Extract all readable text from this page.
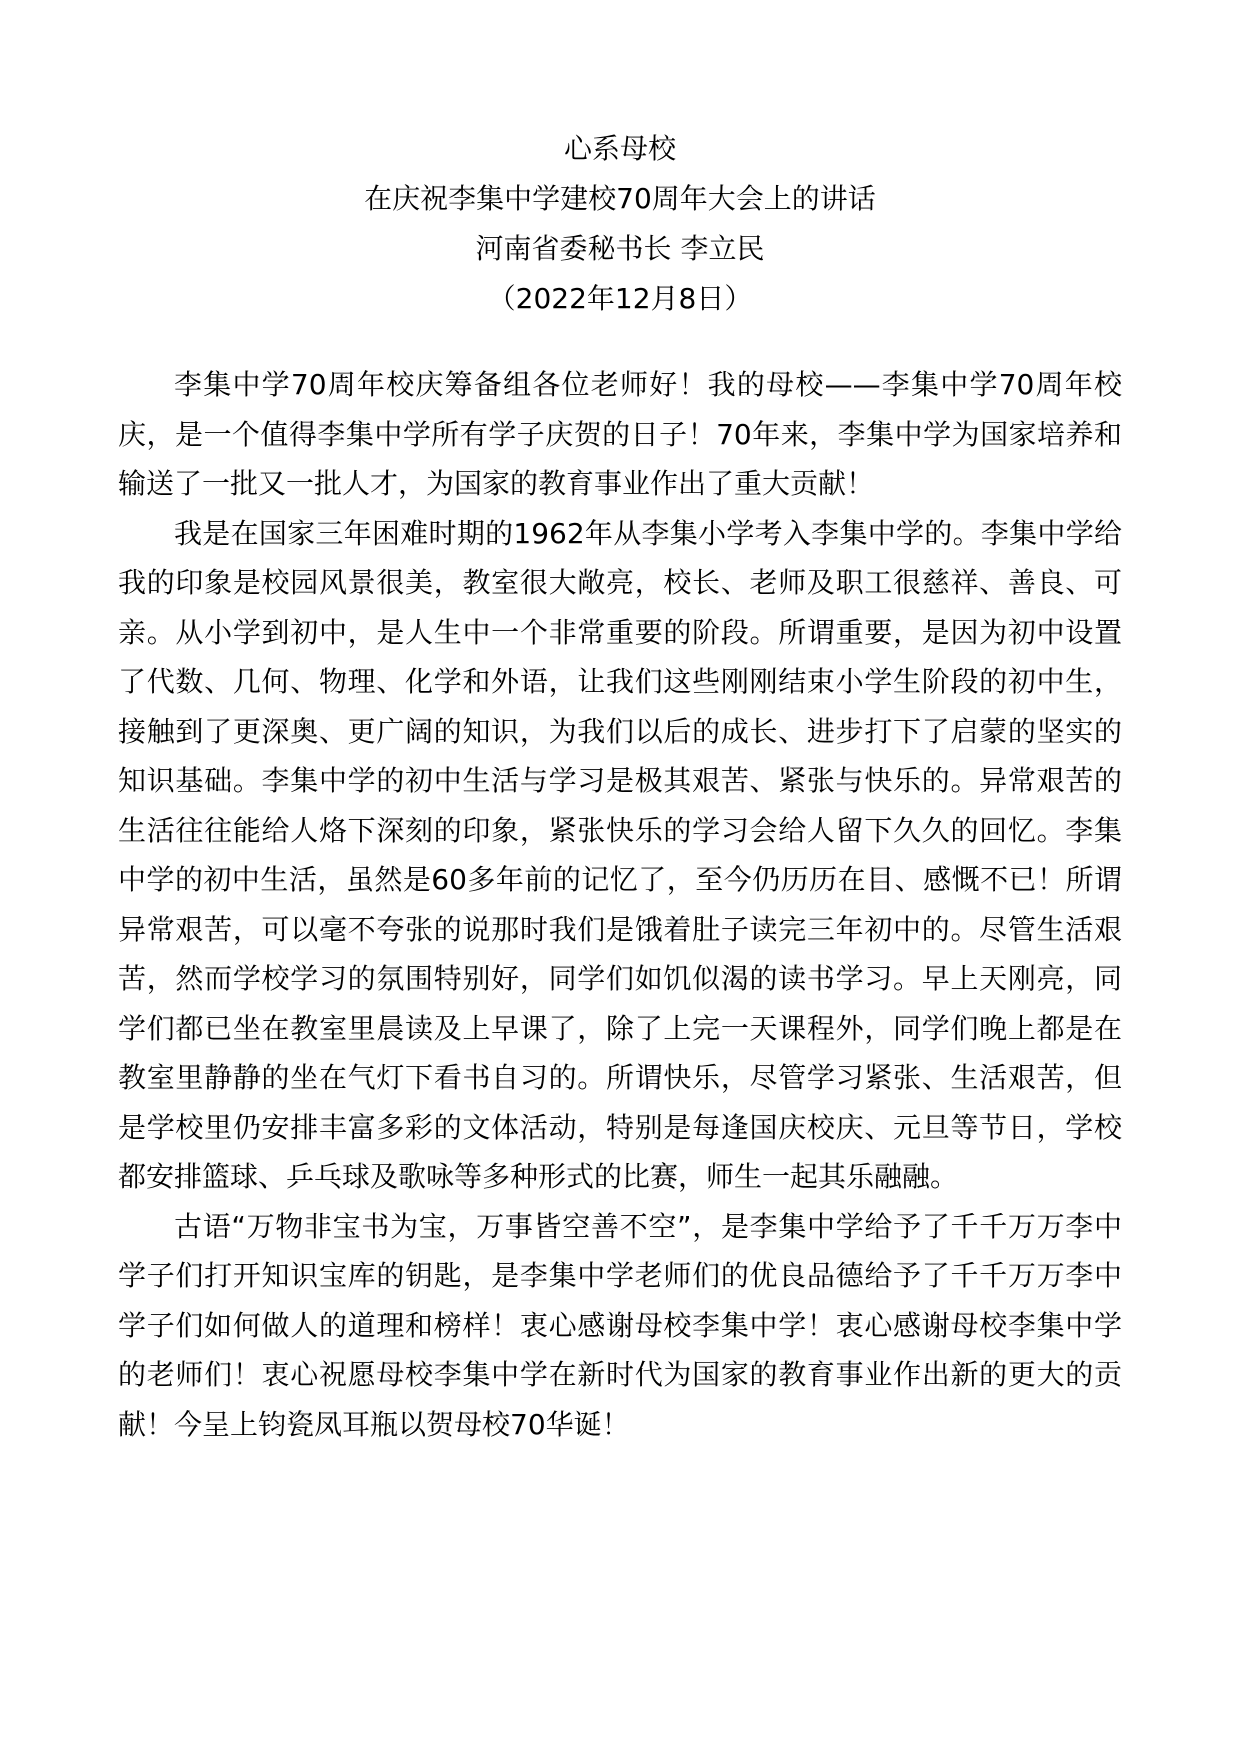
心系母校
在庆祝李集中学建校70周年大会上的讲话
河南省委秘书长 李立民
（2022年12月8日）

李集中学70周年校庆筹备组各位老师好！我的母校——李集中学70周年校庆，是一个值得李集中学所有学子庆贺的日子！70年来，李集中学为国家培养和输送了一批又一批人才，为国家的教育事业作出了重大贡献！

我是在国家三年困难时期的1962年从李集小学考入李集中学的。李集中学给我的印象是校园风景很美，教室很大敞亮，校长、老师及职工很慈祥、善良、可亲。从小学到初中，是人生中一个非常重要的阶段。所谓重要，是因为初中设置了代数、几何、物理、化学和外语，让我们这些刚刚结束小学生阶段的初中生，接触到了更深奥、更广阔的知识，为我们以后的成长、进步打下了启蒙的坚实的知识基础。李集中学的初中生活与学习是极其艰苦、紧张与快乐的。异常艰苦的生活往往能给人烙下深刻的印象，紧张快乐的学习会给人留下久久的回忆。李集中学的初中生活，虽然是60多年前的记忆了，至今仍历历在目、感慨不已！所谓异常艰苦，可以毫不夸张的说那时我们是饿着肚子读完三年初中的。尽管生活艰苦，然而学校学习的氛围特别好，同学们如饥似渴的读书学习。早上天刚亮，同学们都已坐在教室里晨读及上早课了，除了上完一天课程外，同学们晚上都是在教室里静静的坐在气灯下看书自习的。所谓快乐，尽管学习紧张、生活艰苦，但是学校里仍安排丰富多彩的文体活动，特别是每逢国庆校庆、元旦等节日，学校都安排篮球、乒乓球及歌咏等多种形式的比赛，师生一起其乐融融。

古语“万物非宝书为宝，万事皆空善不空”，是李集中学给予了千千万万李中学子们打开知识宝库的钥匙，是李集中学老师们的优良品德给予了千千万万李中学子们如何做人的道理和榜样！衷心感谢母校李集中学！衷心感谢母校李集中学的老师们！衷心祝愿母校李集中学在新时代为国家的教育事业作出新的更大的贡献！今呈上钧瓷凤耳瓶以贺母校70华诞！
